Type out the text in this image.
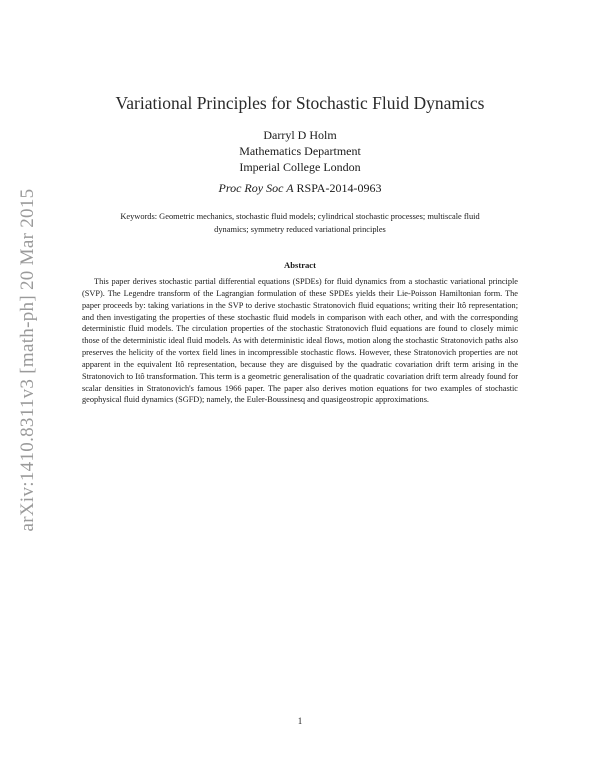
arXiv:1410.8311v3 [math-ph] 20 Mar 2015
Variational Principles for Stochastic Fluid Dynamics
Darryl D Holm
Mathematics Department
Imperial College London
Proc Roy Soc A RSPA-2014-0963
Keywords: Geometric mechanics, stochastic fluid models; cylindrical stochastic processes; multiscale fluid dynamics; symmetry reduced variational principles
Abstract
This paper derives stochastic partial differential equations (SPDEs) for fluid dynamics from a stochastic variational principle (SVP). The Legendre transform of the Lagrangian formulation of these SPDEs yields their Lie-Poisson Hamiltonian form. The paper proceeds by: taking variations in the SVP to derive stochastic Stratonovich fluid equations; writing their Itô representation; and then investigating the properties of these stochastic fluid models in comparison with each other, and with the corresponding deterministic fluid models. The circulation properties of the stochastic Stratonovich fluid equations are found to closely mimic those of the deterministic ideal fluid models. As with deterministic ideal flows, motion along the stochastic Stratonovich paths also preserves the helicity of the vortex field lines in incompressible stochastic flows. However, these Stratonovich properties are not apparent in the equivalent Itô representation, because they are disguised by the quadratic covariation drift term arising in the Stratonovich to Itô transformation. This term is a geometric generalisation of the quadratic covariation drift term already found for scalar densities in Stratonovich's famous 1966 paper. The paper also derives motion equations for two examples of stochastic geophysical fluid dynamics (SGFD); namely, the Euler-Boussinesq and quasigeostropic approximations.
1
